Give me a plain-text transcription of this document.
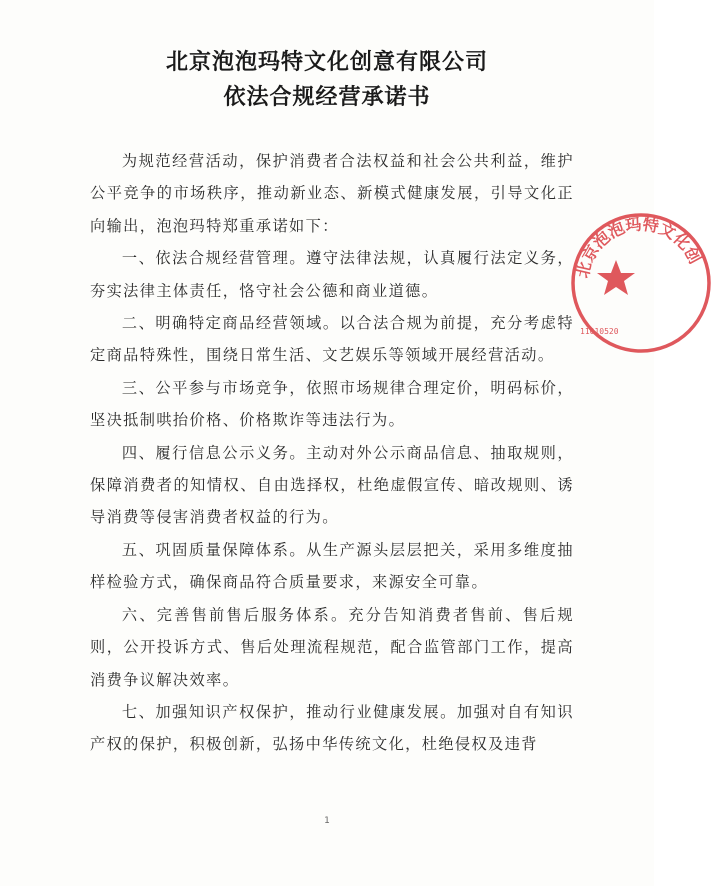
北京泡泡玛特文化创意有限公司
依法合规经营承诺书

为规范经营活动，保护消费者合法权益和社会公共利益，维护公平竞争的市场秩序，推动新业态、新模式健康发展，引导文化正向输出，泡泡玛特郑重承诺如下：

一、依法合规经营管理。遵守法律法规，认真履行法定义务，夯实法律主体责任，恪守社会公德和商业道德。

二、明确特定商品经营领域。以合法合规为前提，充分考虑特定商品特殊性，围绕日常生活、文艺娱乐等领域开展经营活动。

三、公平参与市场竞争，依照市场规律合理定价，明码标价，坚决抵制哄抬价格、价格欺诈等违法行为。

四、履行信息公示义务。主动对外公示商品信息、抽取规则，保障消费者的知情权、自由选择权，杜绝虚假宣传、暗改规则、诱导消费等侵害消费者权益的行为。

五、巩固质量保障体系。从生产源头层层把关，采用多维度抽样检验方式，确保商品符合质量要求，来源安全可靠。

六、完善售前售后服务体系。充分告知消费者售前、售后规则，公开投诉方式、售后处理流程规范，配合监管部门工作，提高消费争议解决效率。

七、加强知识产权保护，推动行业健康发展。加强对自有知识产权的保护，积极创新，弘扬中华传统文化，杜绝侵权及违背

北京泡泡玛特文化创
11010520
1
